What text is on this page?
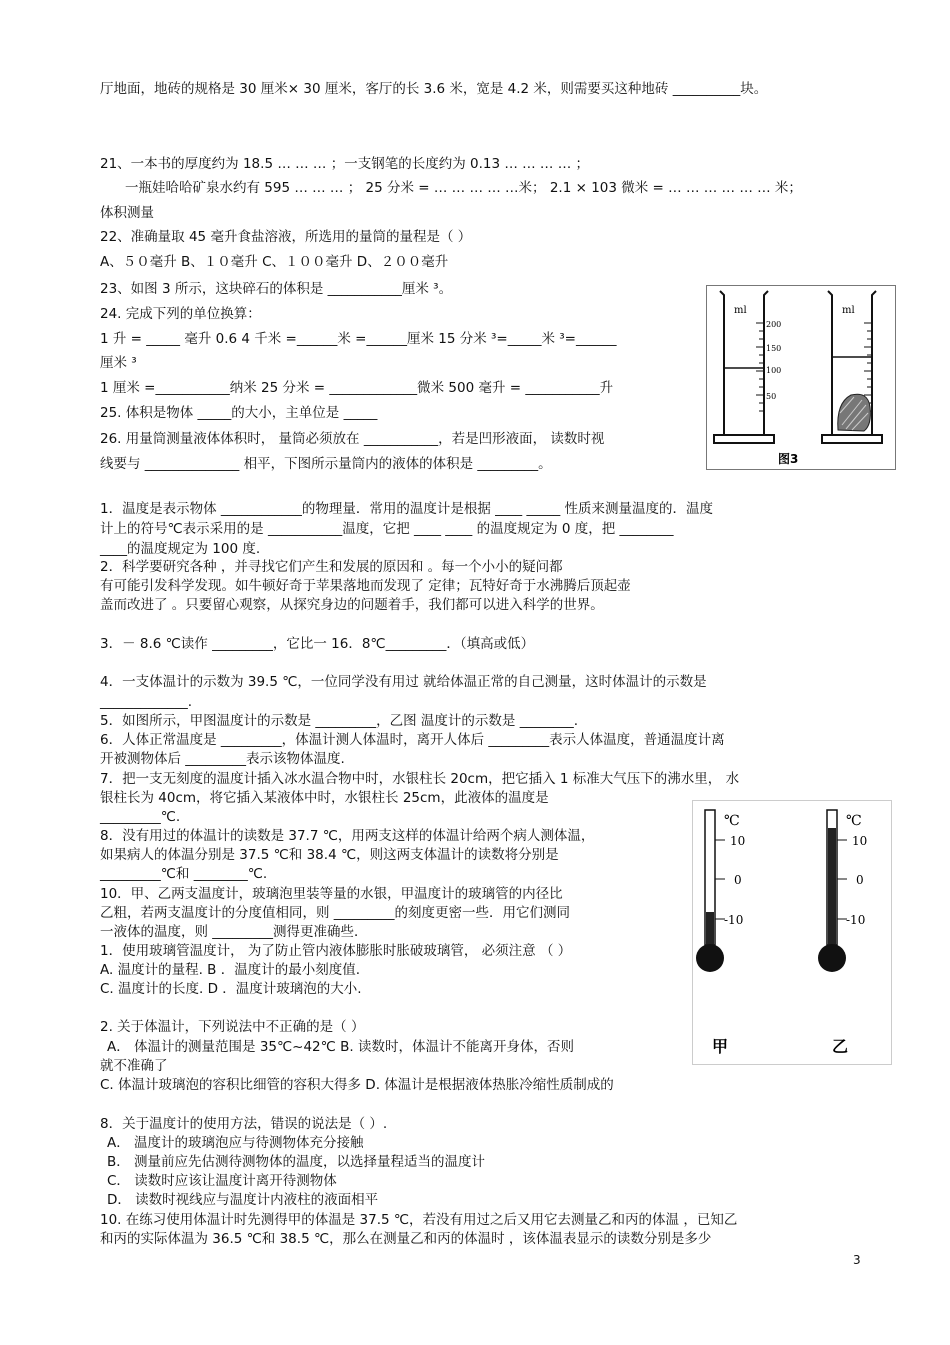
厅地面，地砖的规格是 30 厘米× 30 厘米，客厅的长 3.6 米，宽是 4.2 米，则需要买这种地砖 __________块。
21、一本书的厚度约为 18.5 … … … ；一支钢笔的长度约为 0.13 … … … … ；
一瓶娃哈哈矿泉水约有 595 … … … ； 25 分米 = … … … … …米； 2.1 × 103 微米 = … … … … … … 米；
体积测量
22、准确量取 45 毫升食盐溶液，所选用的量筒的量程是（ ）
A、５０毫升 B、１０毫升 C、１００毫升 D、２００毫升
23、如图 3 所示，这块碎石的体积是 ___________厘米 ³。
24. 完成下列的单位换算：
1 升 = _____ 毫升 0.6 4 千米 =______米 =______厘米 15 分米 ³=_____米 ³=______
厘米 ³
1 厘米 =___________纳米 25 分米 = _____________微米 500 毫升 = ___________升
25. 体积是物体 _____的大小，主单位是 _____
26. 用量筒测量液体体积时， 量筒必须放在 ___________，若是凹形液面， 读数时视
线要与 ______________ 相平，下图所示量筒内的液体的体积是 _________。
1．温度是表示物体 ____________的物理量．常用的温度计是根据 ____ _____ 性质来测量温度的．温度
计上的符号℃表示采用的是 ___________温度，它把 ____ ____ 的温度规定为 0 度，把 ________
____的温度规定为 100 度.
2．科学要研究各种 ，并寻找它们产生和发展的原因和 。每一个小小的疑问都
有可能引发科学发现。如牛顿好奇于苹果落地而发现了 定律；瓦特好奇于水沸腾后顶起壶
盖而改进了 。只要留心观察，从探究身边的问题着手，我们都可以进入科学的世界。
3．－ 8.6 ℃读作 _________，它比一 16．8℃_________．（填高或低）
4．一支体温计的示数为 39.5 ℃，一位同学没有用过 就给体温正常的自己测量，这时体温计的示数是
_____________.
5．如图所示，甲图温度计的示数是 _________，乙图 温度计的示数是 ________.
6．人体正常温度是 _________，体温计测人体温时，离开人体后 _________表示人体温度，普通温度计离
开被测物体后 _________表示该物体温度.
7．把一支无刻度的温度计插入冰水温合物中时，水银柱长 20cm，把它插入 1 标准大气压下的沸水里， 水
银柱长为 40cm，将它插入某液体中时，水银柱长 25cm，此液体的温度是
_________℃.
8．没有用过的体温计的读数是 37.7 ℃，用两支这样的体温计给两个病人测体温，
如果病人的体温分别是 37.5 ℃和 38.4 ℃，则这两支体温计的读数将分别是
_________℃和 ________℃.
10．甲、乙两支温度计，玻璃泡里装等量的水银，甲温度计的玻璃管的内径比
乙粗，若两支温度计的分度值相同，则 _________的刻度更密一些．用它们测同
一液体的温度，则 _________测得更准确些．
1．使用玻璃管温度计， 为了防止管内液体膨胀时胀破玻璃管， 必须注意 （ ）
A. 温度计的量程. B ．温度计的最小刻度值.
C. 温度计的长度. D ．温度计玻璃泡的大小.
2. 关于体温计，下列说法中不正确的是（ ）
A． 体温计的测量范围是 35℃~42℃ B. 读数时，体温计不能离开身体，否则
就不准确了
C. 体温计玻璃泡的容积比细管的容积大得多 D. 体温计是根据液体热胀冷缩性质制成的
8．关于温度计的使用方法，错误的说法是（ ）.
A． 温度计的玻璃泡应与待测物体充分接触
B． 测量前应先估测待测物体的温度，以选择量程适当的温度计
C． 读数时应该让温度计离开待测物体
D． 读数时视线应与温度计内液柱的液面相平
10. 在练习使用体温计时先测得甲的体温是 37.5 ℃，若没有用过之后又用它去测量乙和丙的体温 ，已知乙
和丙的实际体温为 36.5 ℃和 38.5 ℃，那么在测量乙和丙的体温时 ，该体温表显示的读数分别是多少
3
ml
200
150
100
50
ml
图3
℃
10
0
-10
甲
℃
10
0
-10
乙
